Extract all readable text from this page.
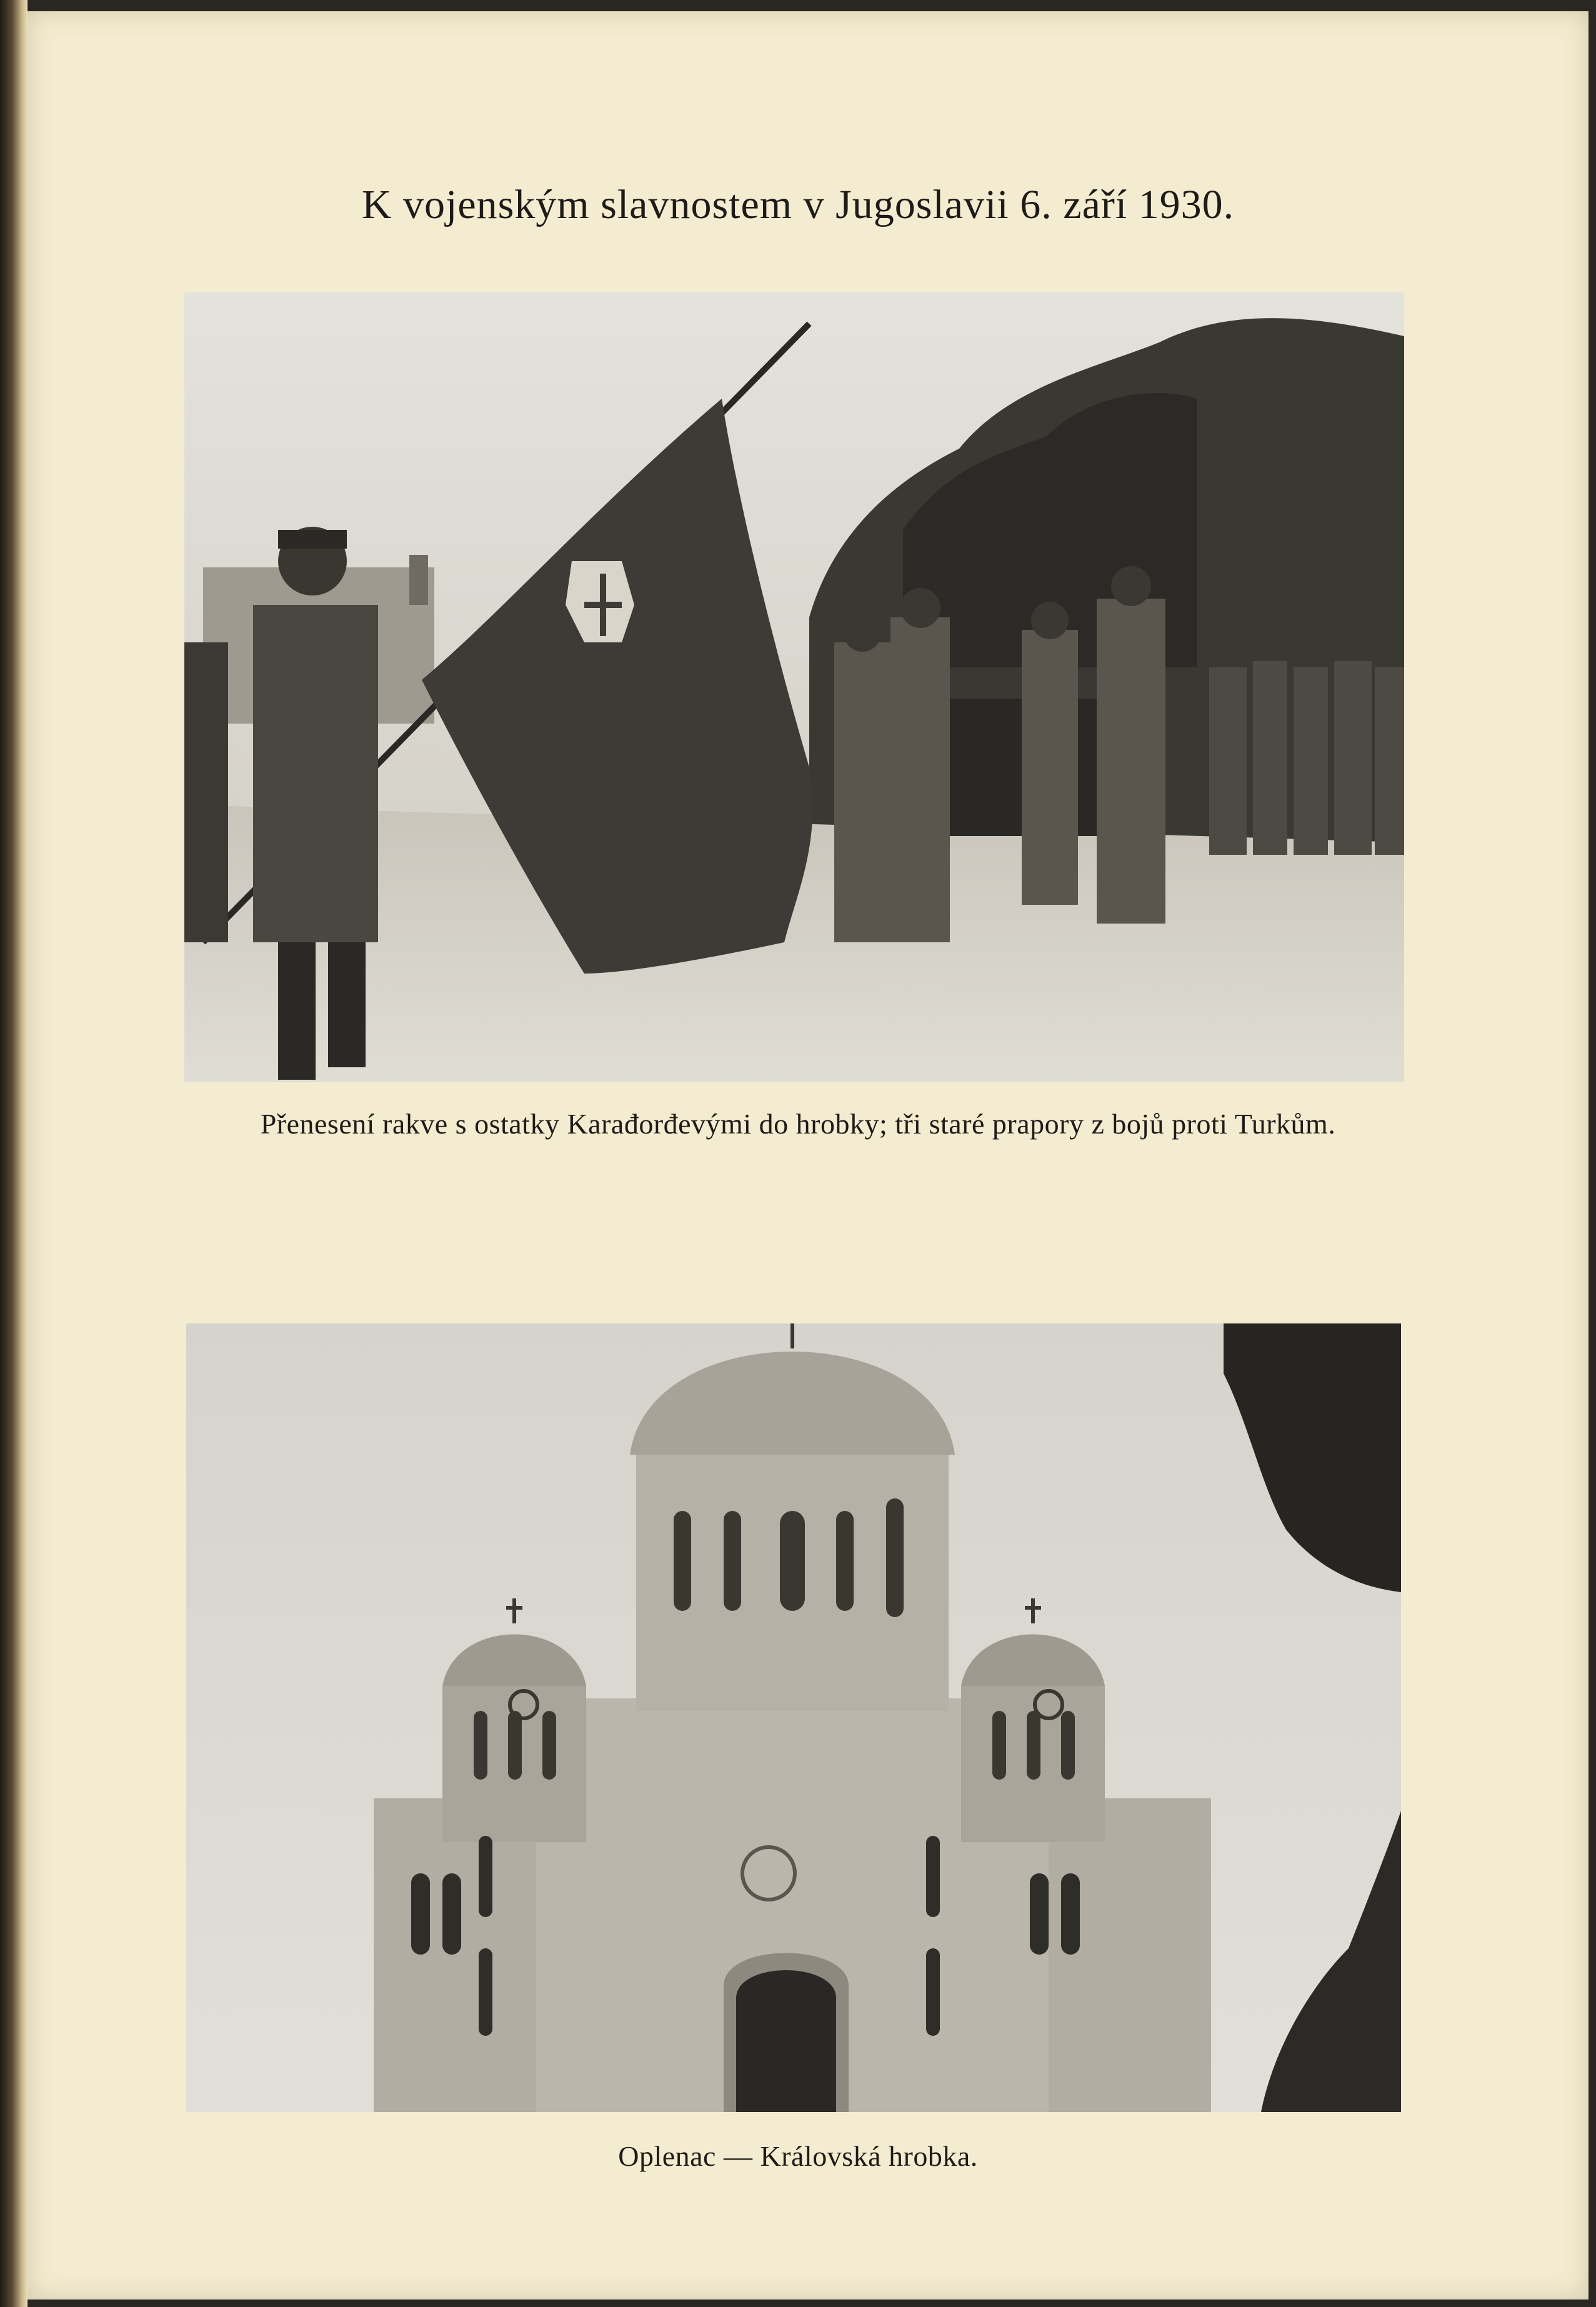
K vojenským slavnostem v Jugoslavii 6. září 1930.
Přenesení rakve s ostatky Karađorđevými do hrobky; tři staré prapory z bojů proti Turkům.
Oplenac — Královská hrobka.
